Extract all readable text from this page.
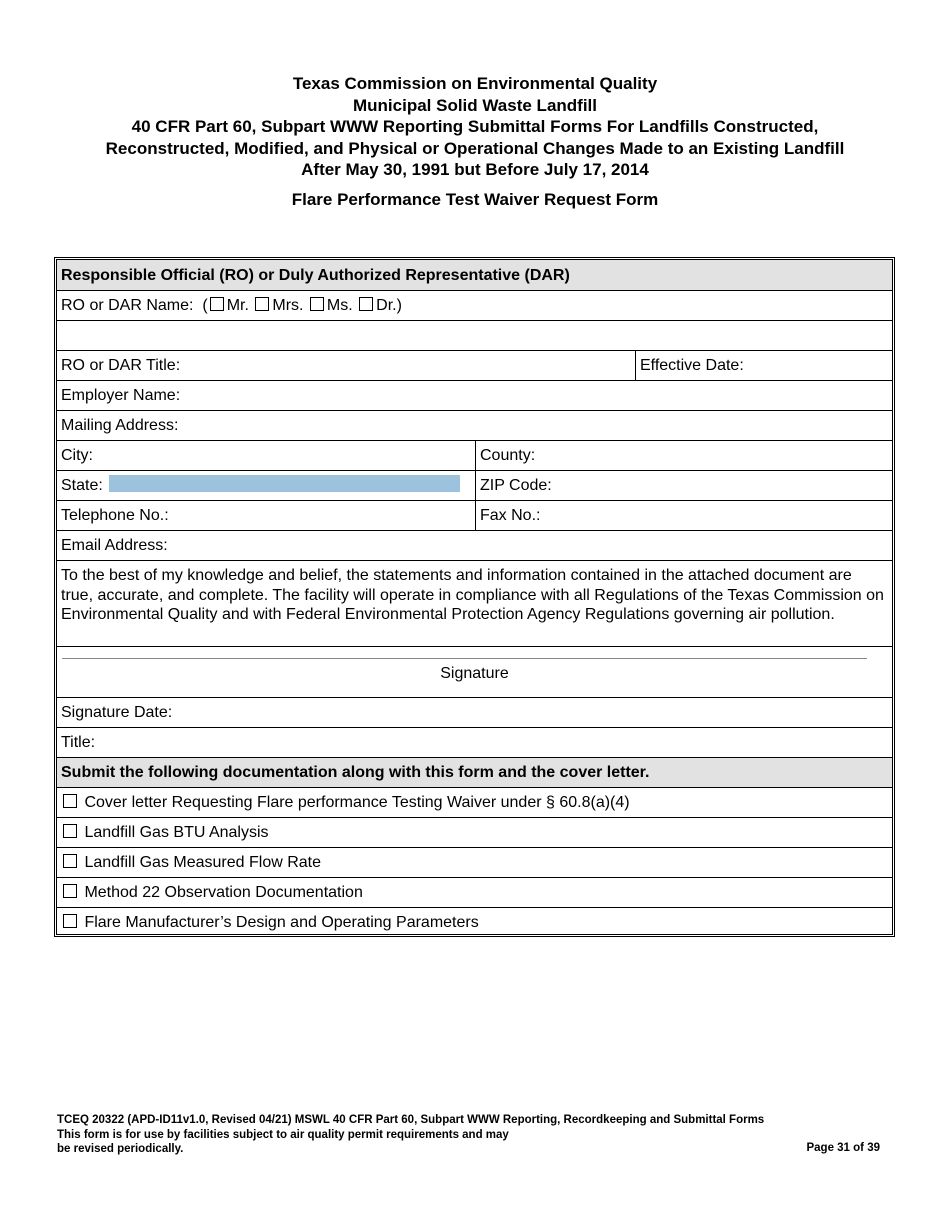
Texas Commission on Environmental Quality
Municipal Solid Waste Landfill
40 CFR Part 60, Subpart WWW Reporting Submittal Forms For Landfills Constructed,
Reconstructed, Modified, and Physical or Operational Changes Made to an Existing Landfill
After May 30, 1991 but Before July 17, 2014
Flare Performance Test Waiver Request Form
Responsible Official (RO) or Duly Authorized Representative (DAR)
RO or DAR Name: ( Mr. Mrs. Ms. Dr.)
RO or DAR Title:	Effective Date:
Employer Name:
Mailing Address:
City:	County:
State:	ZIP Code:
Telephone No.:	Fax No.:
Email Address:
To the best of my knowledge and belief, the statements and information contained in the attached document are true, accurate, and complete. The facility will operate in compliance with all Regulations of the Texas Commission on Environmental Quality and with Federal Environmental Protection Agency Regulations governing air pollution.
Signature
Signature Date:
Title:
Submit the following documentation along with this form and the cover letter.
Cover letter Requesting Flare performance Testing Waiver under § 60.8(a)(4)
Landfill Gas BTU Analysis
Landfill Gas Measured Flow Rate
Method 22 Observation Documentation
Flare Manufacturer’s Design and Operating Parameters
TCEQ 20322 (APD-ID11v1.0, Revised 04/21) MSWL 40 CFR Part 60, Subpart WWW Reporting, Recordkeeping and Submittal Forms
This form is for use by facilities subject to air quality permit requirements and may
be revised periodically.	Page 31 of 39
